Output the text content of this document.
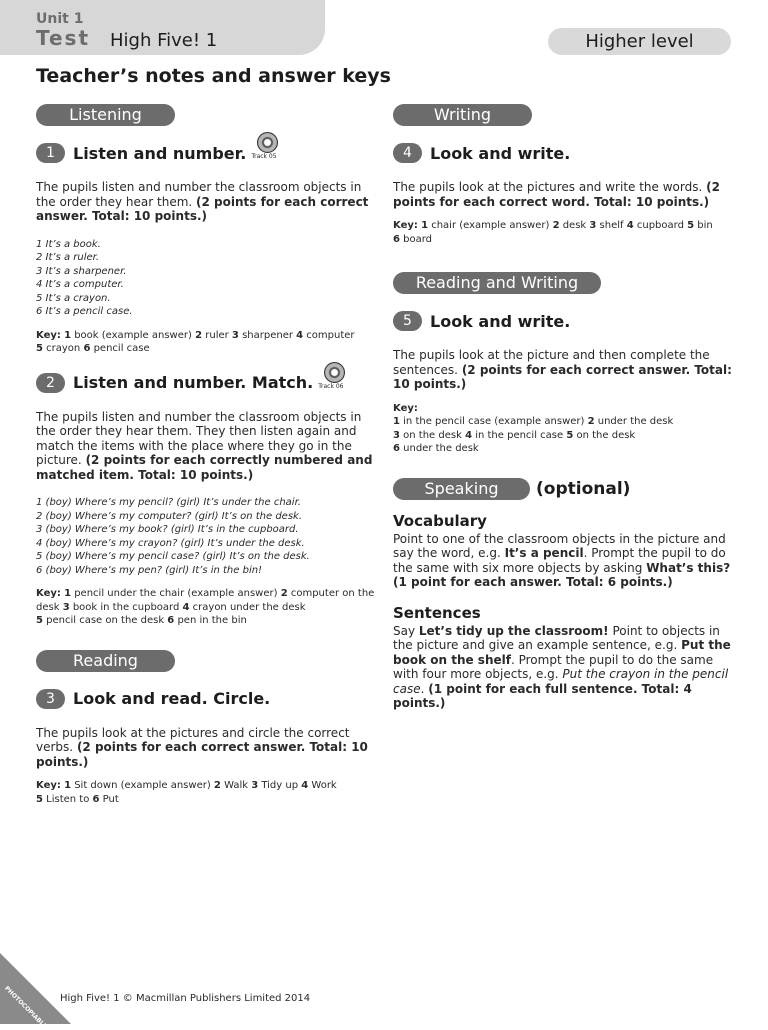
Unit 1
Test High Five! 1	Higher level
Teacher’s notes and answer keys
Listening
1	Listen and number. Track 05

The pupils listen and number the classroom objects in the order they hear them. (2 points for each correct answer. Total: 10 points.)

1 It’s a book.
2 It’s a ruler.
3 It’s a sharpener.
4 It’s a computer.
5 It’s a crayon.
6 It’s a pencil case.

Key: 1 book (example answer) 2 ruler 3 sharpener 4 computer
5 crayon 6 pencil case

2	Listen and number. Match. Track 06

The pupils listen and number the classroom objects in the order they hear them. They then listen again and match the items with the place where they go in the picture. (2 points for each correctly numbered and matched item. Total: 10 points.)

1 (boy) Where’s my pencil? (girl) It’s under the chair.
2 (boy) Where’s my computer? (girl) It’s on the desk.
3 (boy) Where’s my book? (girl) It’s in the cupboard.
4 (boy) Where’s my crayon? (girl) It’s under the desk.
5 (boy) Where’s my pencil case? (girl) It’s on the desk.
6 (boy) Where’s my pen? (girl) It’s in the bin!

Key: 1 pencil under the chair (example answer) 2 computer on the desk 3 book in the cupboard 4 crayon under the desk
5 pencil case on the desk 6 pen in the bin

Reading
3	Look and read. Circle.

The pupils look at the pictures and circle the correct verbs. (2 points for each correct answer. Total: 10 points.)

Key: 1 Sit down (example answer) 2 Walk 3 Tidy up 4 Work
5 Listen to 6 Put

Writing
4	Look and write.

The pupils look at the pictures and write the words. (2 points for each correct word. Total: 10 points.)

Key: 1 chair (example answer) 2 desk 3 shelf 4 cupboard 5 bin
6 board

Reading and Writing
5	Look and write.

The pupils look at the picture and then complete the sentences. (2 points for each correct answer. Total: 10 points.)

Key:
1 in the pencil case (example answer) 2 under the desk
3 on the desk 4 in the pencil case 5 on the desk
6 under the desk
Speaking	(optional)
Vocabulary

Point to one of the classroom objects in the picture and say the word, e.g. It’s a pencil. Prompt the pupil to do the same with six more objects by asking What’s this? (1 point for each answer. Total: 6 points.)

Sentences

Say Let’s tidy up the classroom! Point to objects in the picture and give an example sentence, e.g. Put the book on the shelf. Prompt the pupil to do the same with four more objects, e.g. Put the crayon in the pencil case. (1 point for each full sentence. Total: 4 points.)

PHOTOCOPIABLE High Five! 1 © Macmillan Publishers Limited 2014
